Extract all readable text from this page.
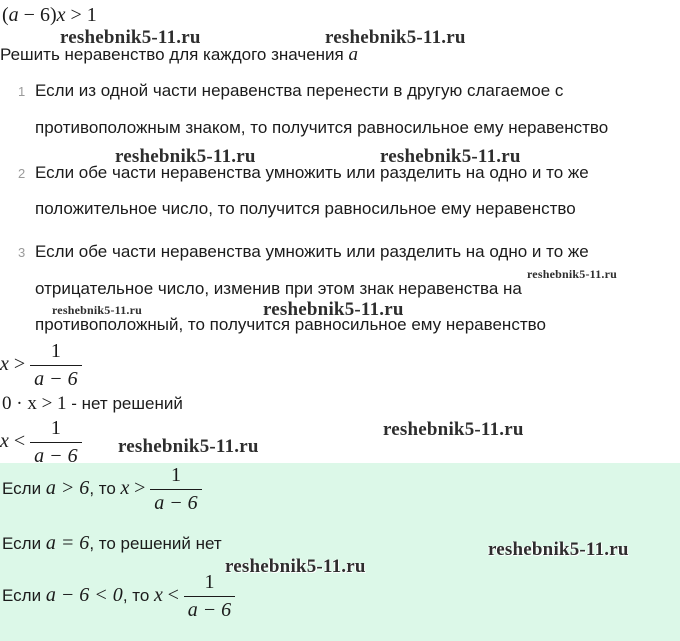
(a − 6)x > 1
Решить неравенство для каждого значения a
1 Если из одной части неравенства перенести в другую слагаемое с
противоположным знаком, то получится равносильное ему неравенство
2 Если обе части неравенства умножить или разделить на одно и то же
положительное число, то получится равносильное ему неравенство
3 Если обе части неравенства умножить или разделить на одно и то же
отрицательное число, изменив при этом знак неравенства на
противоположный, то получится равносильное ему неравенство
$x > \frac{1}{a - 6}$
0 · x > 1 - нет решений
$x < \frac{1}{a - 6}$
Если a > 6, то $x > \frac{1}{a - 6}$
Если a = 6, то решений нет
Если a − 6 < 0, то $x < \frac{1}{a - 6}$
reshebnik5-11.ru	reshebnik5-11.ru
reshebnik5-11.ru	reshebnik5-11.ru
reshebnik5-11.ru
reshebnik5-11.ru	reshebnik5-11.ru
reshebnik5-11.ru
reshebnik5-11.ru
reshebnik5-11.ru
reshebnik5-11.ru
